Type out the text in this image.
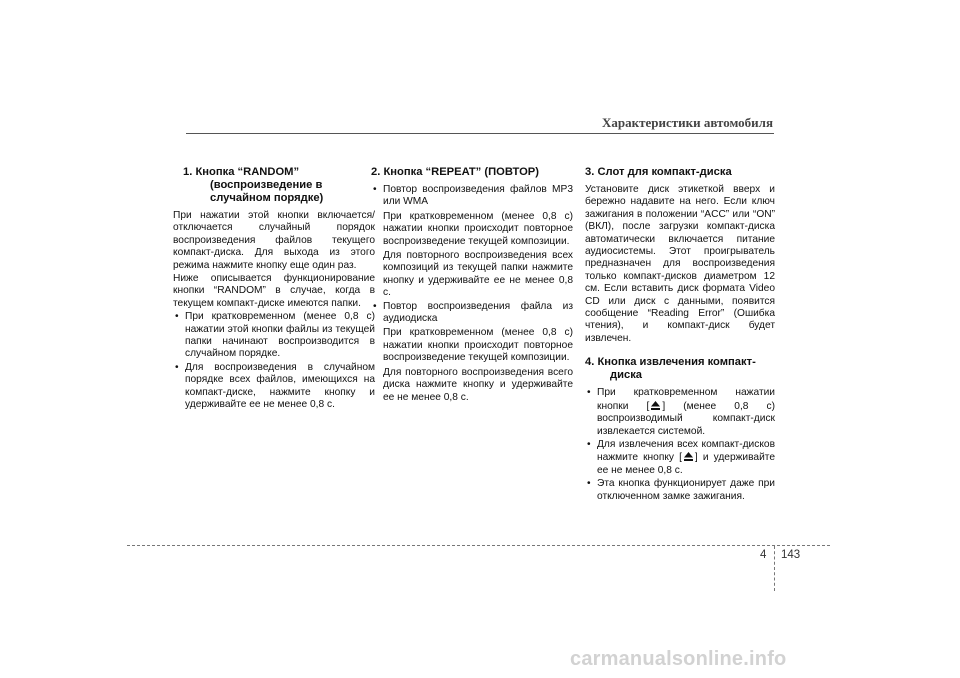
Характеристики автомобиля
1. Кнопка “RANDOM”
(воспроизведение в
случайном порядке)

При нажатии этой кнопки включается/отключается случайный порядок воспроизведения файлов текущего компакт-диска. Для выхода из этого режима нажмите кнопку еще один раз.

Ниже описывается функционирование кнопки “RANDOM” в случае, когда в текущем компакт-диске имеются папки.

• При кратковременном (менее 0,8 с) нажатии этой кнопки файлы из текущей папки начинают воспроизводится в случайном порядке.
• Для воспроизведения в случайном порядке всех файлов, имеющихся на компакт-диске, нажмите кнопку и удерживайте ее не менее 0,8 с.
2. Кнопка “REPEAT” (ПОВТОР)
• Повтор воспроизведения файлов MP3 или WMA
При кратковременном (менее 0,8 с) нажатии кнопки происходит повторное воспроизведение текущей композиции.
Для повторного воспроизведения всех композиций из текущей папки нажмите кнопку и удерживайте ее не менее 0,8 с.
• Повтор воспроизведения файла из аудиодиска
При кратковременном (менее 0,8 с) нажатии кнопки происходит повторное воспроизведение текущей композиции.
Для повторного воспроизведения всего диска нажмите кнопку и удерживайте ее не менее 0,8 с.
3. Слот для компакт-диска

Установите диск этикеткой вверх и бережно надавите на него. Если ключ зажигания в положении “ACC” или “ON” (ВКЛ), после загрузки компакт-диска автоматически включается питание аудиосистемы. Этот проигрыватель предназначен для воспроизведения только компакт-дисков диаметром 12 см. Если вставить диск формата Video CD или диск с данными, появится сообщение “Reading Error” (Ошибка чтения), и компакт-диск будет извлечен.

4. Кнопка извлечения компакт-
диска
• При кратковременном нажатии кнопки [ ] (менее 0,8 с) воспроизводимый компакт-диск извлекается системой.
• Для извлечения всех компакт-дисков нажмите кнопку [ ] и удерживайте ее не менее 0,8 с.
• Эта кнопка функционирует даже при отключенном замке зажигания.
4 143
carmanualsonline.info
